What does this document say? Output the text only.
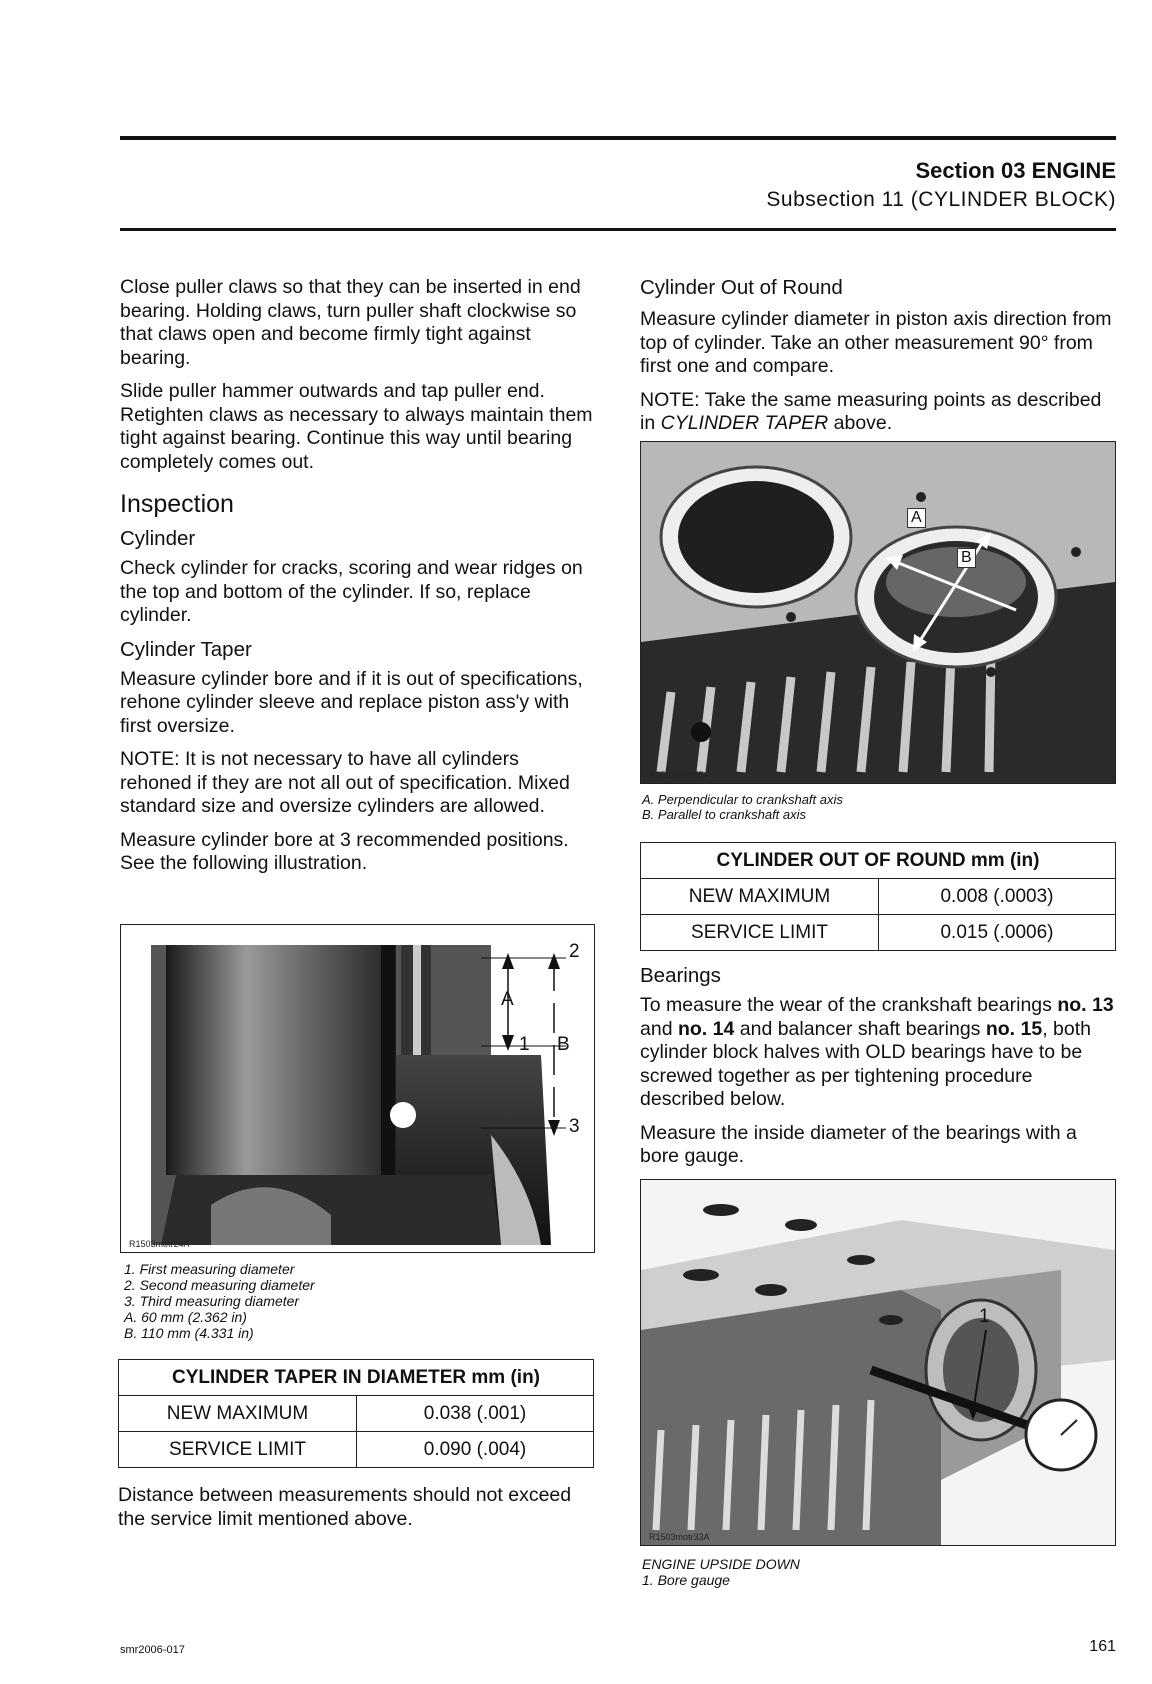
Section 03 ENGINE
Subsection 11 (CYLINDER BLOCK)

Close puller claws so that they can be inserted in end bearing. Holding claws, turn puller shaft clockwise so that claws open and become firmly tight against bearing.

Slide puller hammer outwards and tap puller end. Retighten claws as necessary to always maintain them tight against bearing. Continue this way until bearing completely comes out.

Inspection
Cylinder

Check cylinder for cracks, scoring and wear ridges on the top and bottom of the cylinder. If so, replace cylinder.

Cylinder Taper

Measure cylinder bore and if it is out of specifications, rehone cylinder sleeve and replace piston ass'y with first oversize.

NOTE: It is not necessary to have all cylinders rehoned if they are not all out of specification. Mixed standard size and oversize cylinders are allowed.

Measure cylinder bore at 3 recommended positions. See the following illustration.

2
A
1 B
3
R1503motr24A
1. First measuring diameter
2. Second measuring diameter
3. Third measuring diameter
A. 60 mm (2.362 in)
B. 110 mm (4.331 in)
CYLINDER TAPER IN DIAMETER mm (in)	
NEW MAXIMUM	0.038 (.001)
SERVICE LIMIT	0.090 (.004)

Distance between measurements should not exceed the service limit mentioned above.

Cylinder Out of Round

Measure cylinder diameter in piston axis direction from top of cylinder. Take an other measurement 90° from first one and compare.

NOTE: Take the same measuring points as described in CYLINDER TAPER above.

A
B
R1503motr25A
A. Perpendicular to crankshaft axis
B. Parallel to crankshaft axis
CYLINDER OUT OF ROUND mm (in)	
NEW MAXIMUM	0.008 (.0003)
SERVICE LIMIT	0.015 (.0006)
Bearings

To measure the wear of the crankshaft bearings no. 13 and no. 14 and balancer shaft bearings no. 15, both cylinder block halves with OLD bearings have to be screwed together as per tightening procedure described below.

Measure the inside diameter of the bearings with a bore gauge.

1
R1503motr33A
ENGINE UPSIDE DOWN
1. Bore gauge
smr2006-017	161
